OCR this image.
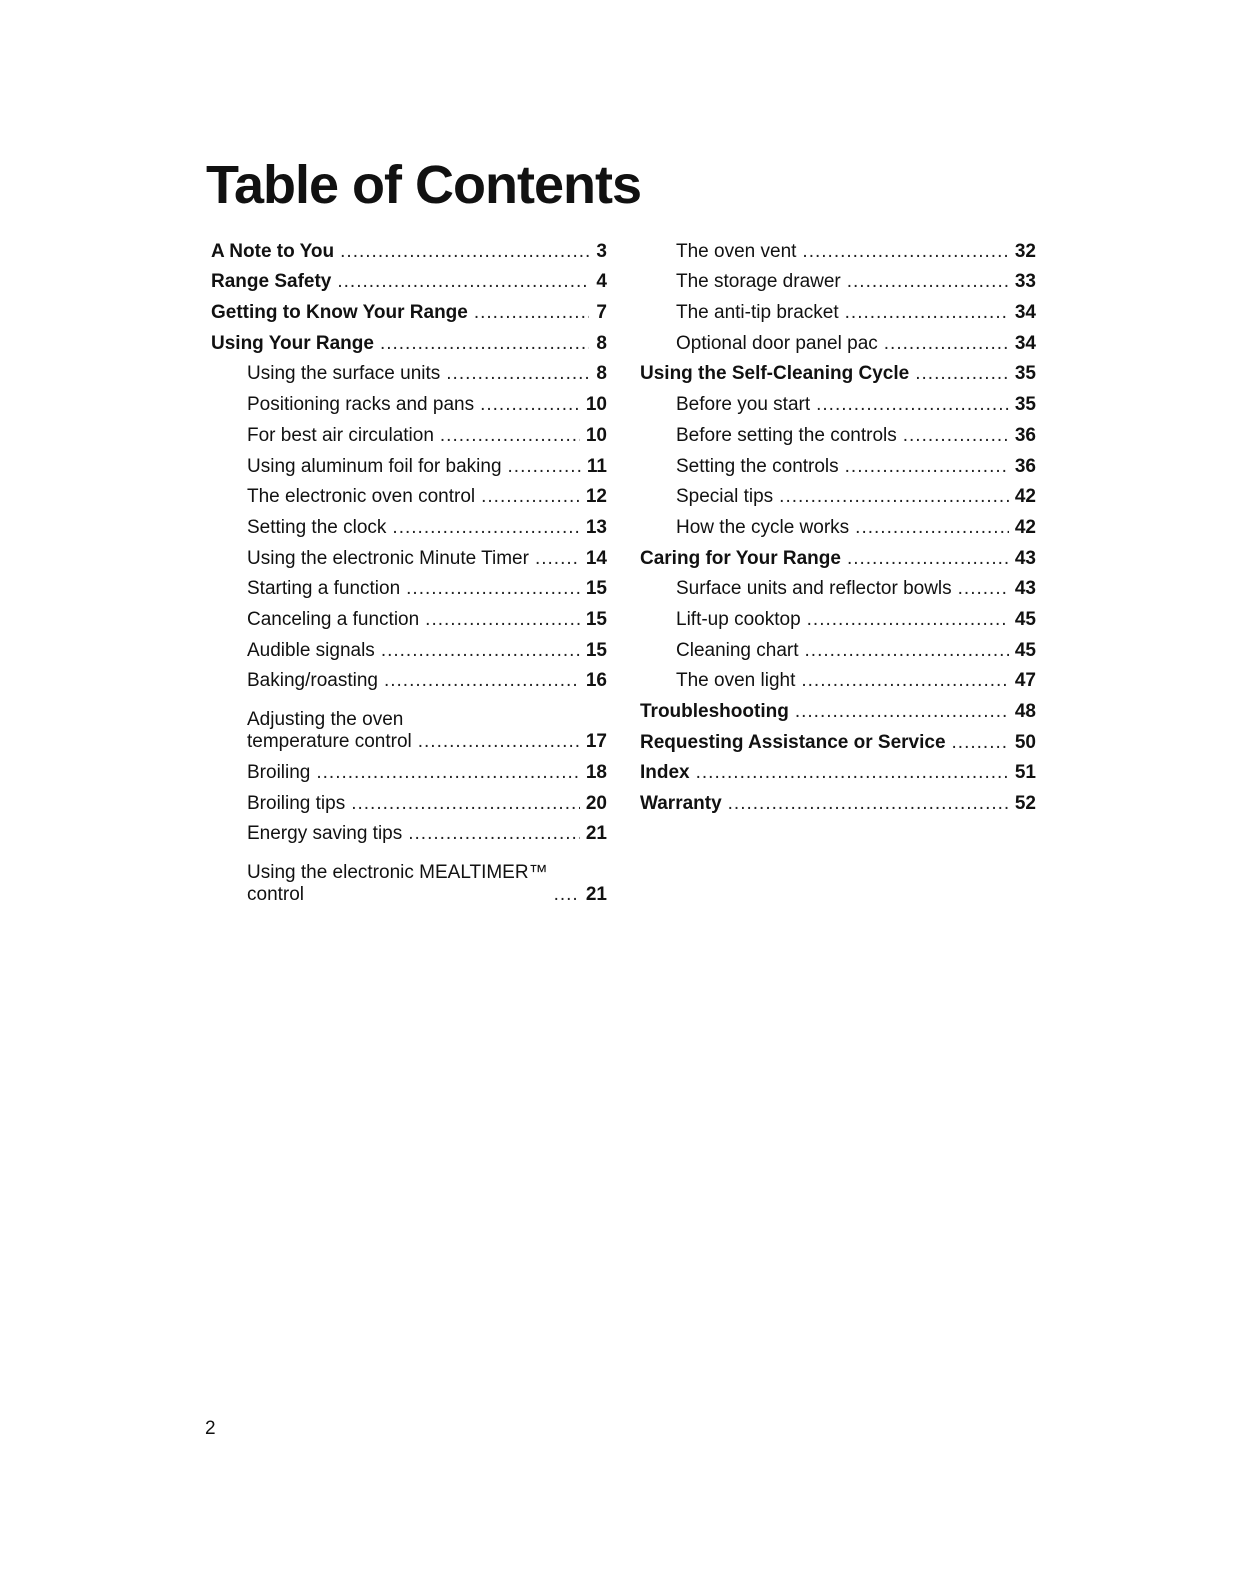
Table of Contents
A Note to You .....	3
Range Safety .....	4
Getting to Know Your Range .....	7
Using Your Range .....	8
Using the surface units .....	8
Positioning racks and pans .....	10
For best air circulation .....	10
Using aluminum foil for baking .....	11
The electronic oven control .....	12
Setting the clock .....	13
Using the electronic Minute Timer .....	14
Starting a function .....	15
Canceling a function .....	15
Audible signals .....	15
Baking/roasting .....	16
Adjusting the oven
temperature control .....	17
Broiling .....	18
Broiling tips .....	20
Energy saving tips .....	21
Using the electronic MEALTIMER™
control .....	21
The oven vent .....	32
The storage drawer .....	33
The anti-tip bracket .....	34
Optional door panel pac .....	34
Using the Self-Cleaning Cycle .....	35
Before you start .....	35
Before setting the controls .....	36
Setting the controls .....	36
Special tips .....	42
How the cycle works .....	42
Caring for Your Range .....	43
Surface units and reflector bowls .....	43
Lift-up cooktop .....	45
Cleaning chart .....	45
The oven light .....	47
Troubleshooting .....	48
Requesting Assistance or Service .....	50
Index .....	51
Warranty .....	52
2
